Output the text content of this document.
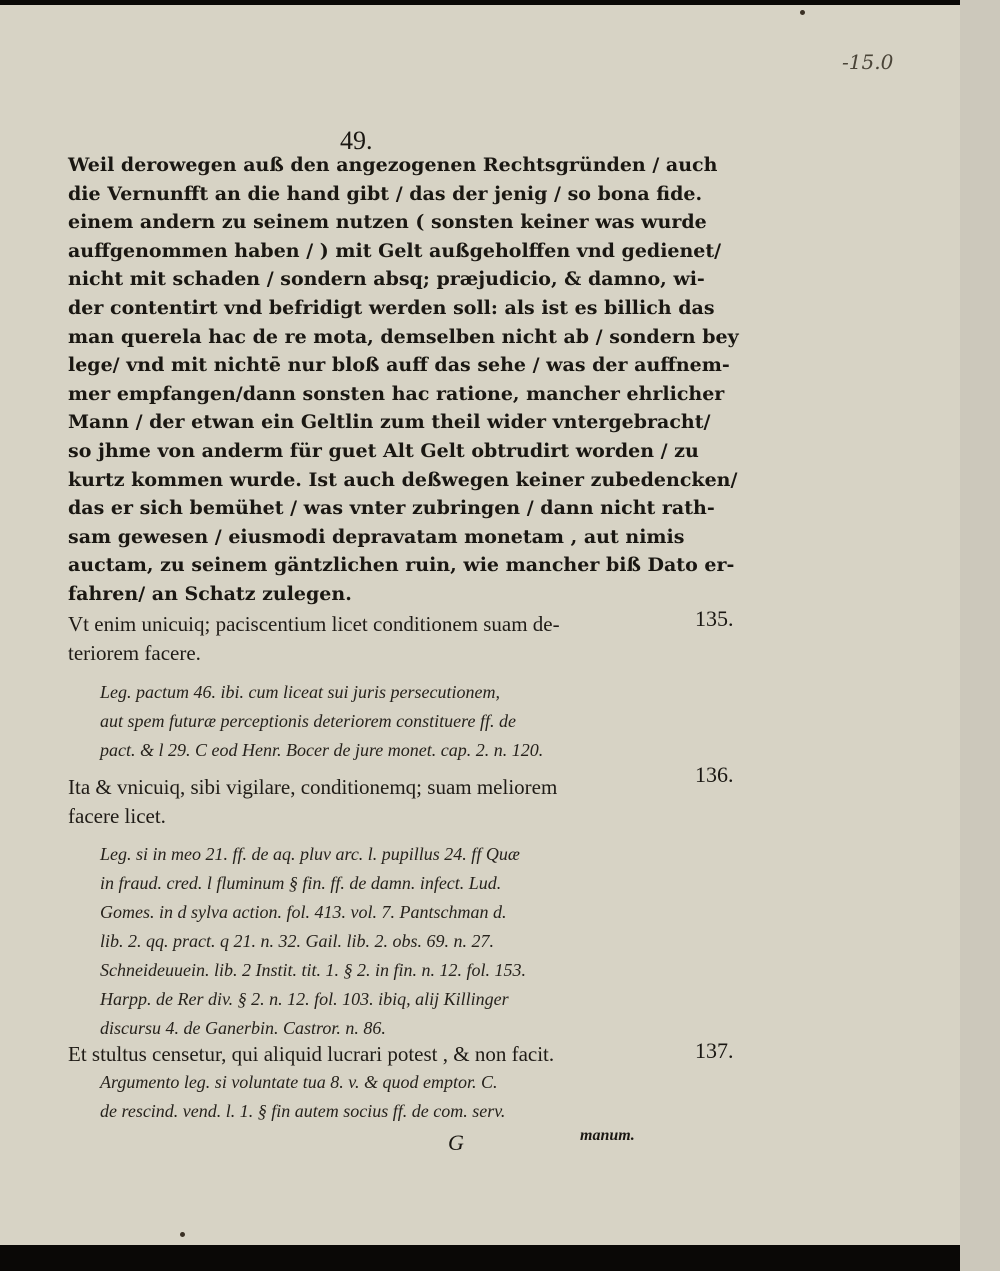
-15.0
49.
Weil derowegen auß den angezogenen Rechtsgründen / auch
die Vernunfft an die hand gibt / das der jenig / so bona fide.
einem andern zu seinem nutzen ( sonsten keiner was wurde
auffgenommen haben / ) mit Gelt außgeholffen vnd gedienet/
nicht mit schaden / sondern absq; præjudicio, & damno, wi-
der contentirt vnd befridigt werden soll: als ist es billich das
man querela hac de re mota, demselben nicht ab / sondern bey
lege/ vnd mit nichtē nur bloß auff das sehe / was der auffnem-
mer empfangen/dann sonsten hac ratione, mancher ehrlicher
Mann / der etwan ein Geltlin zum theil wider vntergebracht/
so jhme von anderm für guet Alt Gelt obtrudirt worden / zu
kurtz kommen wurde. Ist auch deßwegen keiner zubedencken/
das er sich bemühet / was vnter zubringen / dann nicht rath-
sam gewesen / eiusmodi depravatam monetam , aut nimis
auctam, zu seinem gäntzlichen ruin, wie mancher biß Dato er-
fahren/ an Schatz zulegen.
Vt enim unicuiq; paciscentium licet conditionem suam de-
teriorem facere.
135.
Leg. pactum 46. ibi. cum liceat sui juris persecutionem,
aut spem futuræ perceptionis deteriorem constituere ff. de
pact. & l 29. C eod Henr. Bocer de jure monet. cap. 2. n. 120.
Ita & vnicuiq, sibi vigilare, conditionemq; suam meliorem
facere licet.
136.
Leg. si in meo 21. ff. de aq. pluv arc. l. pupillus 24. ff Quæ
in fraud. cred. l fluminum § fin. ff. de damn. infect. Lud.
Gomes. in d sylva action. fol. 413. vol. 7. Pantschman d.
lib. 2. qq. pract. q 21. n. 32. Gail. lib. 2. obs. 69. n. 27.
Schneideuuein. lib. 2 Instit. tit. 1. § 2. in fin. n. 12. fol. 153.
Harpp. de Rer div. § 2. n. 12. fol. 103. ibiq, alij Killinger
discursu 4. de Ganerbin. Castror. n. 86.
Et stultus censetur, qui aliquid lucrari potest , & non facit.	137.
Argumento leg. si voluntate tua 8. v. & quod emptor. C.
de rescind. vend. l. 1. § fin autem socius ff. de com. serv.
G	manum.
